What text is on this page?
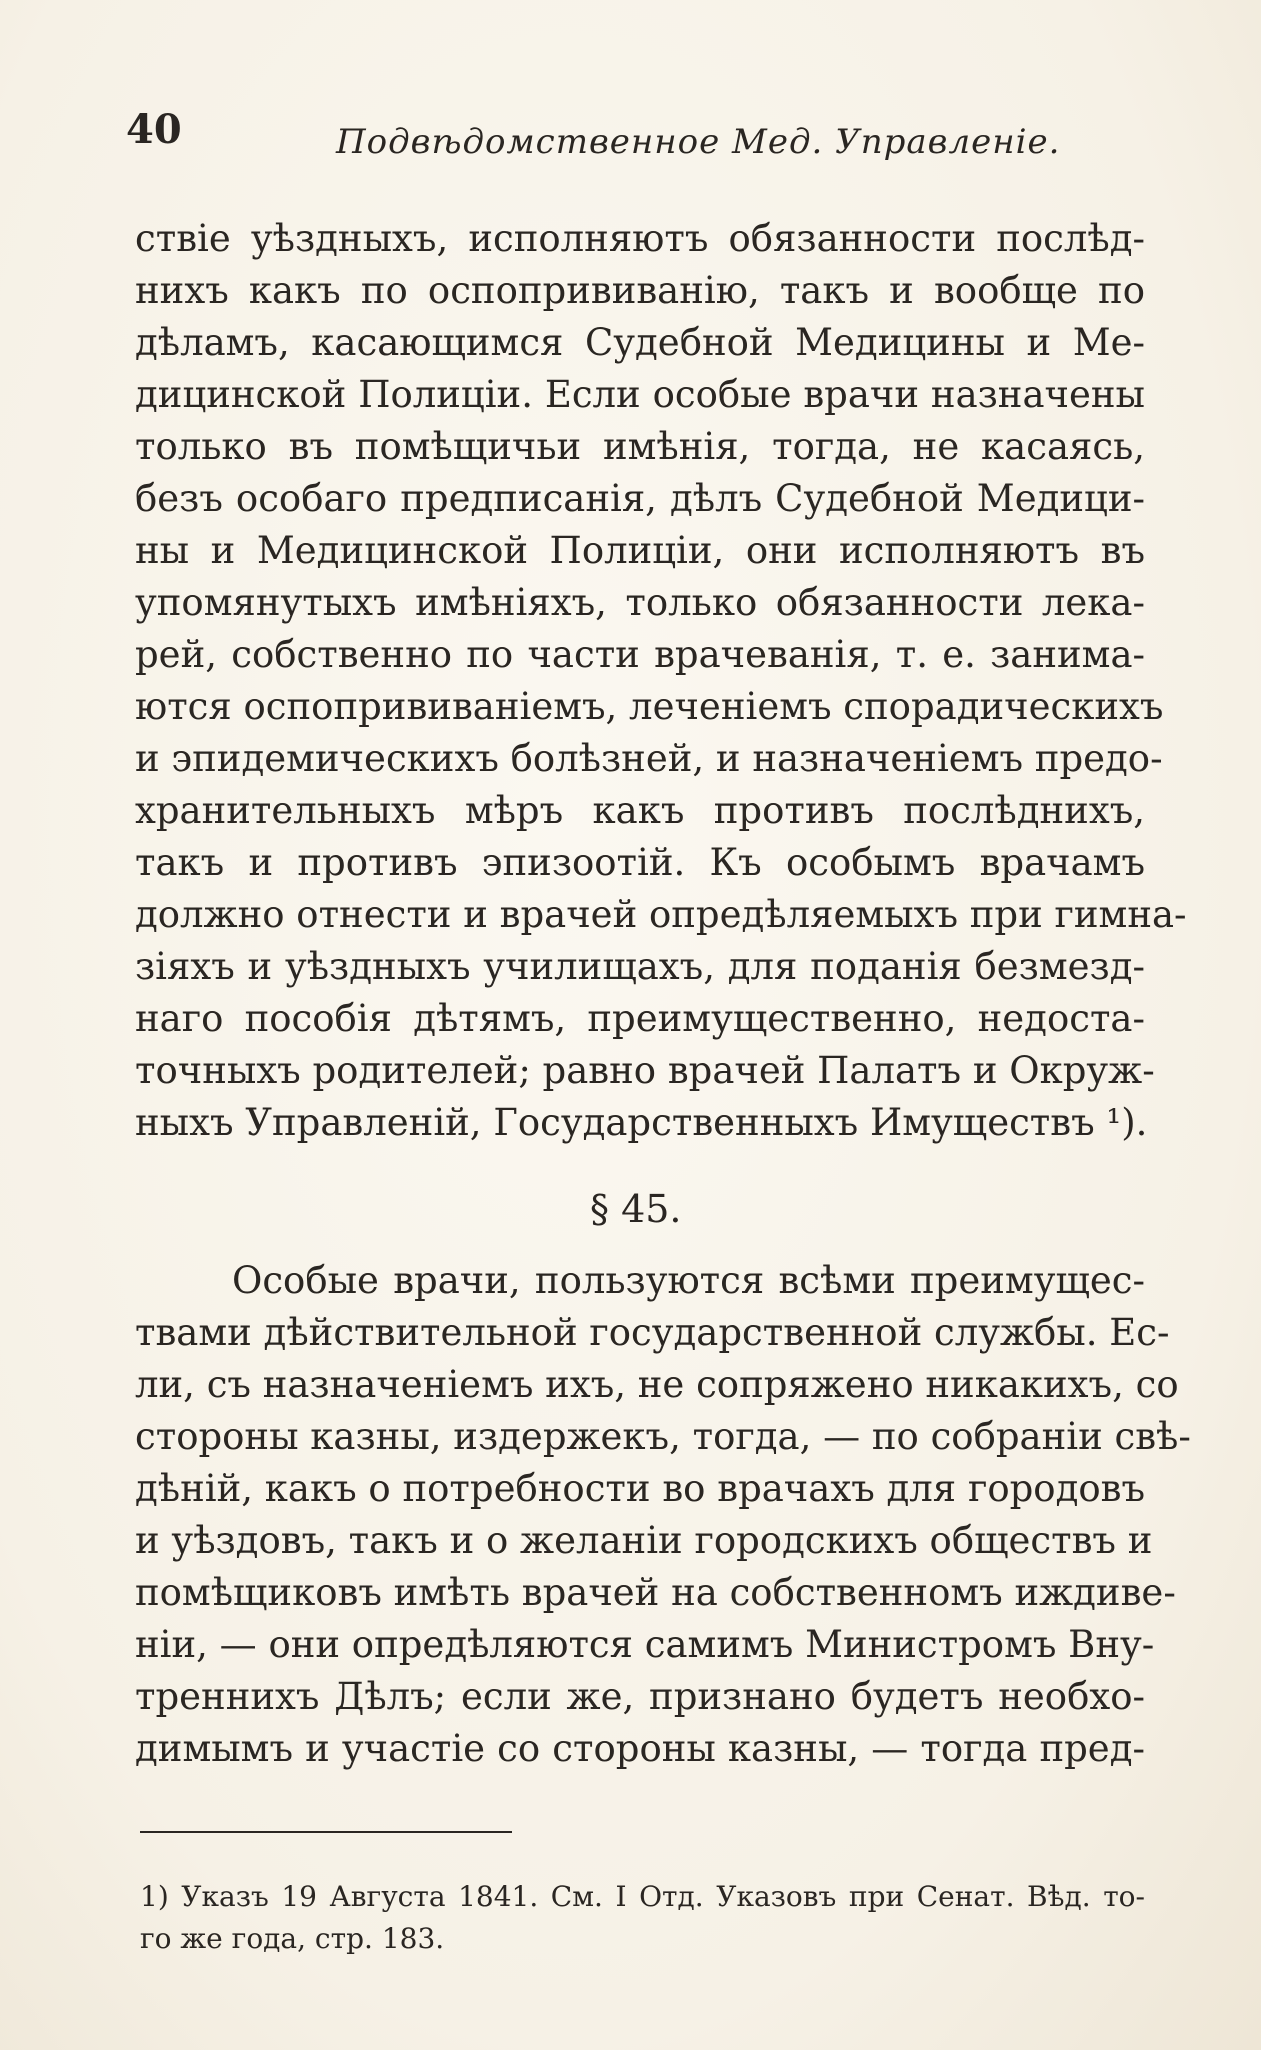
40	Подвѣдомственное Мед. Управленіе.
ствіе уѣздныхъ, исполняютъ обязанности послѣд-
нихъ какъ по оспопрививанію, такъ и вообще по
дѣламъ, касающимся Судебной Медицины и Ме-
дицинской Полиціи. Если особые врачи назначены
только въ помѣщичьи имѣнія, тогда, не касаясь,
безъ особаго предписанія, дѣлъ Судебной Медици-
ны и Медицинской Полиціи, они исполняютъ въ
упомянутыхъ имѣніяхъ, только обязанности лека-
рей, собственно по части врачеванія, т. е. занима-
ются оспопрививаніемъ, леченіемъ спорадическихъ
и эпидемическихъ болѣзней, и назначеніемъ предо-
хранительныхъ мѣръ какъ противъ послѣднихъ,
такъ и противъ эпизоотій. Къ особымъ врачамъ
должно отнести и врачей опредѣляемыхъ при гимна-
зіяхъ и уѣздныхъ училищахъ, для поданія безмезд-
наго пособія дѣтямъ, преимущественно, недоста-
точныхъ родителей; равно врачей Палатъ и Окруж-
ныхъ Управленій, Государственныхъ Имуществъ ¹).
§ 45.
Особые врачи, пользуются всѣми преимущес-
твами дѣйствительной государственной службы. Ес-
ли, съ назначеніемъ ихъ, не сопряжено никакихъ, со
стороны казны, издержекъ, тогда, — по собраніи свѣ-
дѣній, какъ о потребности во врачахъ для городовъ
и уѣздовъ, такъ и о желаніи городскихъ обществъ и
помѣщиковъ имѣть врачей на собственномъ иждиве-
ніи, — они опредѣляются самимъ Министромъ Вну-
треннихъ Дѣлъ; если же, признано будетъ необхо-
димымъ и участіе со стороны казны, — тогда пред-
1) Указъ 19 Августа 1841. См. I Отд. Указовъ при Сенат. Вѣд. то-
го же года, стр. 183.
